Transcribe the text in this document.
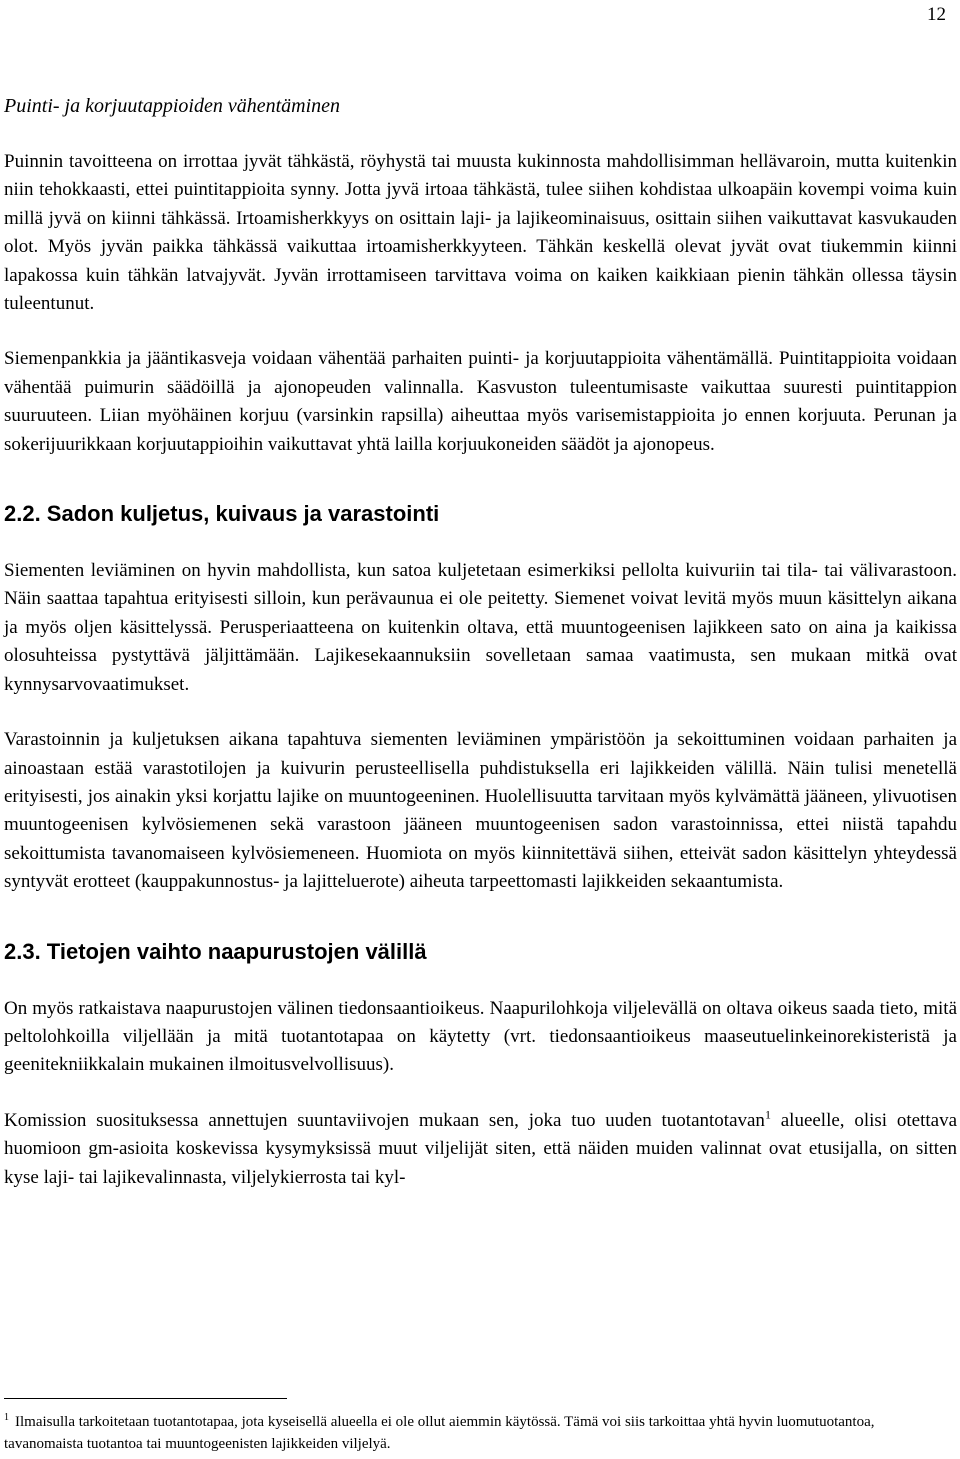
12
Puinti- ja korjuutappioiden vähentäminen

Puinnin tavoitteena on irrottaa jyvät tähkästä, röyhystä tai muusta kukinnosta mahdollisimman hellävaroin, mutta kuitenkin niin tehokkaasti, ettei puintitappioita synny. Jotta jyvä irtoaa tähkästä, tulee siihen kohdistaa ulkoapäin kovempi voima kuin millä jyvä on kiinni tähkässä. Irtoamisherkkyys on osittain laji- ja lajikeominaisuus, osittain siihen vaikuttavat kasvukauden olot. Myös jyvän paikka tähkässä vaikuttaa irtoamisherkkyyteen. Tähkän keskellä olevat jyvät ovat tiukemmin kiinni lapakossa kuin tähkän latvajyvät. Jyvän irrottamiseen tarvittava voima on kaiken kaikkiaan pienin tähkän ollessa täysin tuleentunut.

Siemenpankkia ja jääntikasveja voidaan vähentää parhaiten puinti- ja korjuutappioita vähentämällä. Puintitappioita voidaan vähentää puimurin säädöillä ja ajonopeuden valinnalla. Kasvuston tuleentumisaste vaikuttaa suuresti puintitappion suuruuteen. Liian myöhäinen korjuu (varsinkin rapsilla) aiheuttaa myös varisemistappioita jo ennen korjuuta. Perunan ja sokerijuurikkaan korjuutappioihin vaikuttavat yhtä lailla korjuukoneiden säädöt ja ajonopeus.

2.2. Sadon kuljetus, kuivaus ja varastointi

Siementen leviäminen on hyvin mahdollista, kun satoa kuljetetaan esimerkiksi pellolta kuivuriin tai tila- tai välivarastoon. Näin saattaa tapahtua erityisesti silloin, kun perävaunua ei ole peitetty. Siemenet voivat levitä myös muun käsittelyn aikana ja myös oljen käsittelyssä. Perusperiaatteena on kuitenkin oltava, että muuntogeenisen lajikkeen sato on aina ja kaikissa olosuhteissa pystyttävä jäljittämään. Lajikesekaannuksiin sovelletaan samaa vaatimusta, sen mukaan mitkä ovat kynnysarvovaatimukset.

Varastoinnin ja kuljetuksen aikana tapahtuva siementen leviäminen ympäristöön ja sekoittuminen voidaan parhaiten ja ainoastaan estää varastotilojen ja kuivurin perusteellisella puhdistuksella eri lajikkeiden välillä. Näin tulisi menetellä erityisesti, jos ainakin yksi korjattu lajike on muuntogeeninen. Huolellisuutta tarvitaan myös kylvämättä jääneen, ylivuotisen muuntogeenisen kylvösiemenen sekä varastoon jääneen muuntogeenisen sadon varastoinnissa, ettei niistä tapahdu sekoittumista tavanomaiseen kylvösiemeneen. Huomiota on myös kiinnitettävä siihen, etteivät sadon käsittelyn yhteydessä syntyvät erotteet (kauppakunnostus- ja lajitteluerote) aiheuta tarpeettomasti lajikkeiden sekaantumista.

2.3. Tietojen vaihto naapurustojen välillä

On myös ratkaistava naapurustojen välinen tiedonsaantioikeus. Naapurilohkoja viljelevällä on oltava oikeus saada tieto, mitä peltolohkoilla viljellään ja mitä tuotantotapaa on käytetty (vrt. tiedonsaantioikeus maaseutuelinkeinorekisteristä ja geenitekniikkalain mukainen ilmoitusvelvollisuus).

Komission suosituksessa annettujen suuntaviivojen mukaan sen, joka tuo uuden tuotantotavan$^1$ alueelle, olisi otettava huomioon gm-asioita koskevissa kysymyksissä muut viljelijät siten, että näiden muiden valinnat ovat etusijalla, on sitten kyse laji- tai lajikevalinnasta, viljelykierrosta tai kyl-

$^1$ Ilmaisulla tarkoitetaan tuotantotapaa, jota kyseisellä alueella ei ole ollut aiemmin käytössä. Tämä voi siis tarkoittaa yhtä hyvin luomutuotantoa, tavanomaista tuotantoa tai muuntogeenisten lajikkeiden viljelyä.
